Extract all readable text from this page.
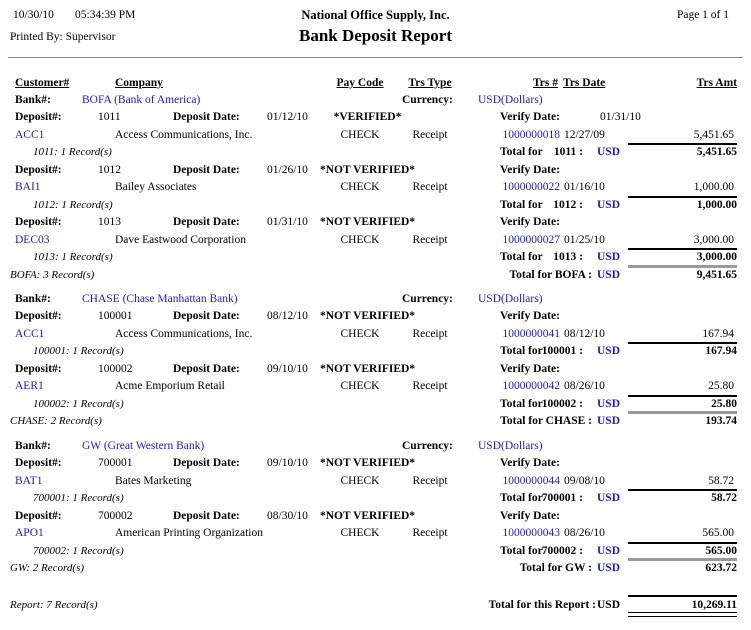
10/30/10 05:34:39 PM	National Office Supply, Inc.	Page 1 of 1
Printed By: Supervisor	Bank Deposit Report
Customer#	Company	Pay Code	Trs Type	Trs # Trs Date	Trs Amt
Bank#:	BOFA (Bank of America)	Currency: USD(Dollars)
Deposit#:	1011	Deposit Date: 01/12/10	*VERIFIED*	Verify Date:	01/31/10
ACC1	Access Communications, Inc.	CHECK	Receipt	1000000018 12/27/09	5,451.65
1011: 1 Record(s)	Total for 1011 : USD	5,451.65
Deposit#:	1012	Deposit Date: 01/26/10	*NOT VERIFIED*	Verify Date:
BAI1	Bailey Associates	CHECK	Receipt	1000000022 01/16/10	1,000.00
1012: 1 Record(s)	Total for 1012 : USD	1,000.00
Deposit#:	1013	Deposit Date: 01/31/10	*NOT VERIFIED*	Verify Date:
DEC03	Dave Eastwood Corporation	CHECK	Receipt	1000000027 01/25/10	3,000.00
1013: 1 Record(s)	Total for 1013 : USD	3,000.00
BOFA: 3 Record(s)	Total for BOFA : USD	9,451.65
Bank#:	CHASE (Chase Manhattan Bank)	Currency: USD(Dollars)
Deposit#:	100001	Deposit Date: 08/12/10	*NOT VERIFIED*	Verify Date:
ACC1	Access Communications, Inc.	CHECK	Receipt	1000000041 08/12/10	167.94
100001: 1 Record(s)	Total for 100001 : USD	167.94
Deposit#:	100002	Deposit Date: 09/10/10	*NOT VERIFIED*	Verify Date:
AER1	Acme Emporium Retail	CHECK	Receipt	1000000042 08/26/10	25.80
100002: 1 Record(s)	Total for 100002 : USD	25.80
CHASE: 2 Record(s)	Total for CHASE : USD	193.74
Bank#:	GW (Great Western Bank)	Currency: USD(Dollars)
Deposit#:	700001	Deposit Date: 09/10/10	*NOT VERIFIED*	Verify Date:
BAT1	Bates Marketing	CHECK	Receipt	1000000044 09/08/10	58.72
700001: 1 Record(s)	Total for 700001 : USD	58.72
Deposit#:	700002	Deposit Date: 08/30/10	*NOT VERIFIED*	Verify Date:
APO1	American Printing Organization	CHECK	Receipt	1000000043 08/26/10	565.00
700002: 1 Record(s)	Total for 700002 : USD	565.00
GW: 2 Record(s)	Total for GW : USD	623.72
Report: 7 Record(s)	Total for this Report : USD	10,269.11
